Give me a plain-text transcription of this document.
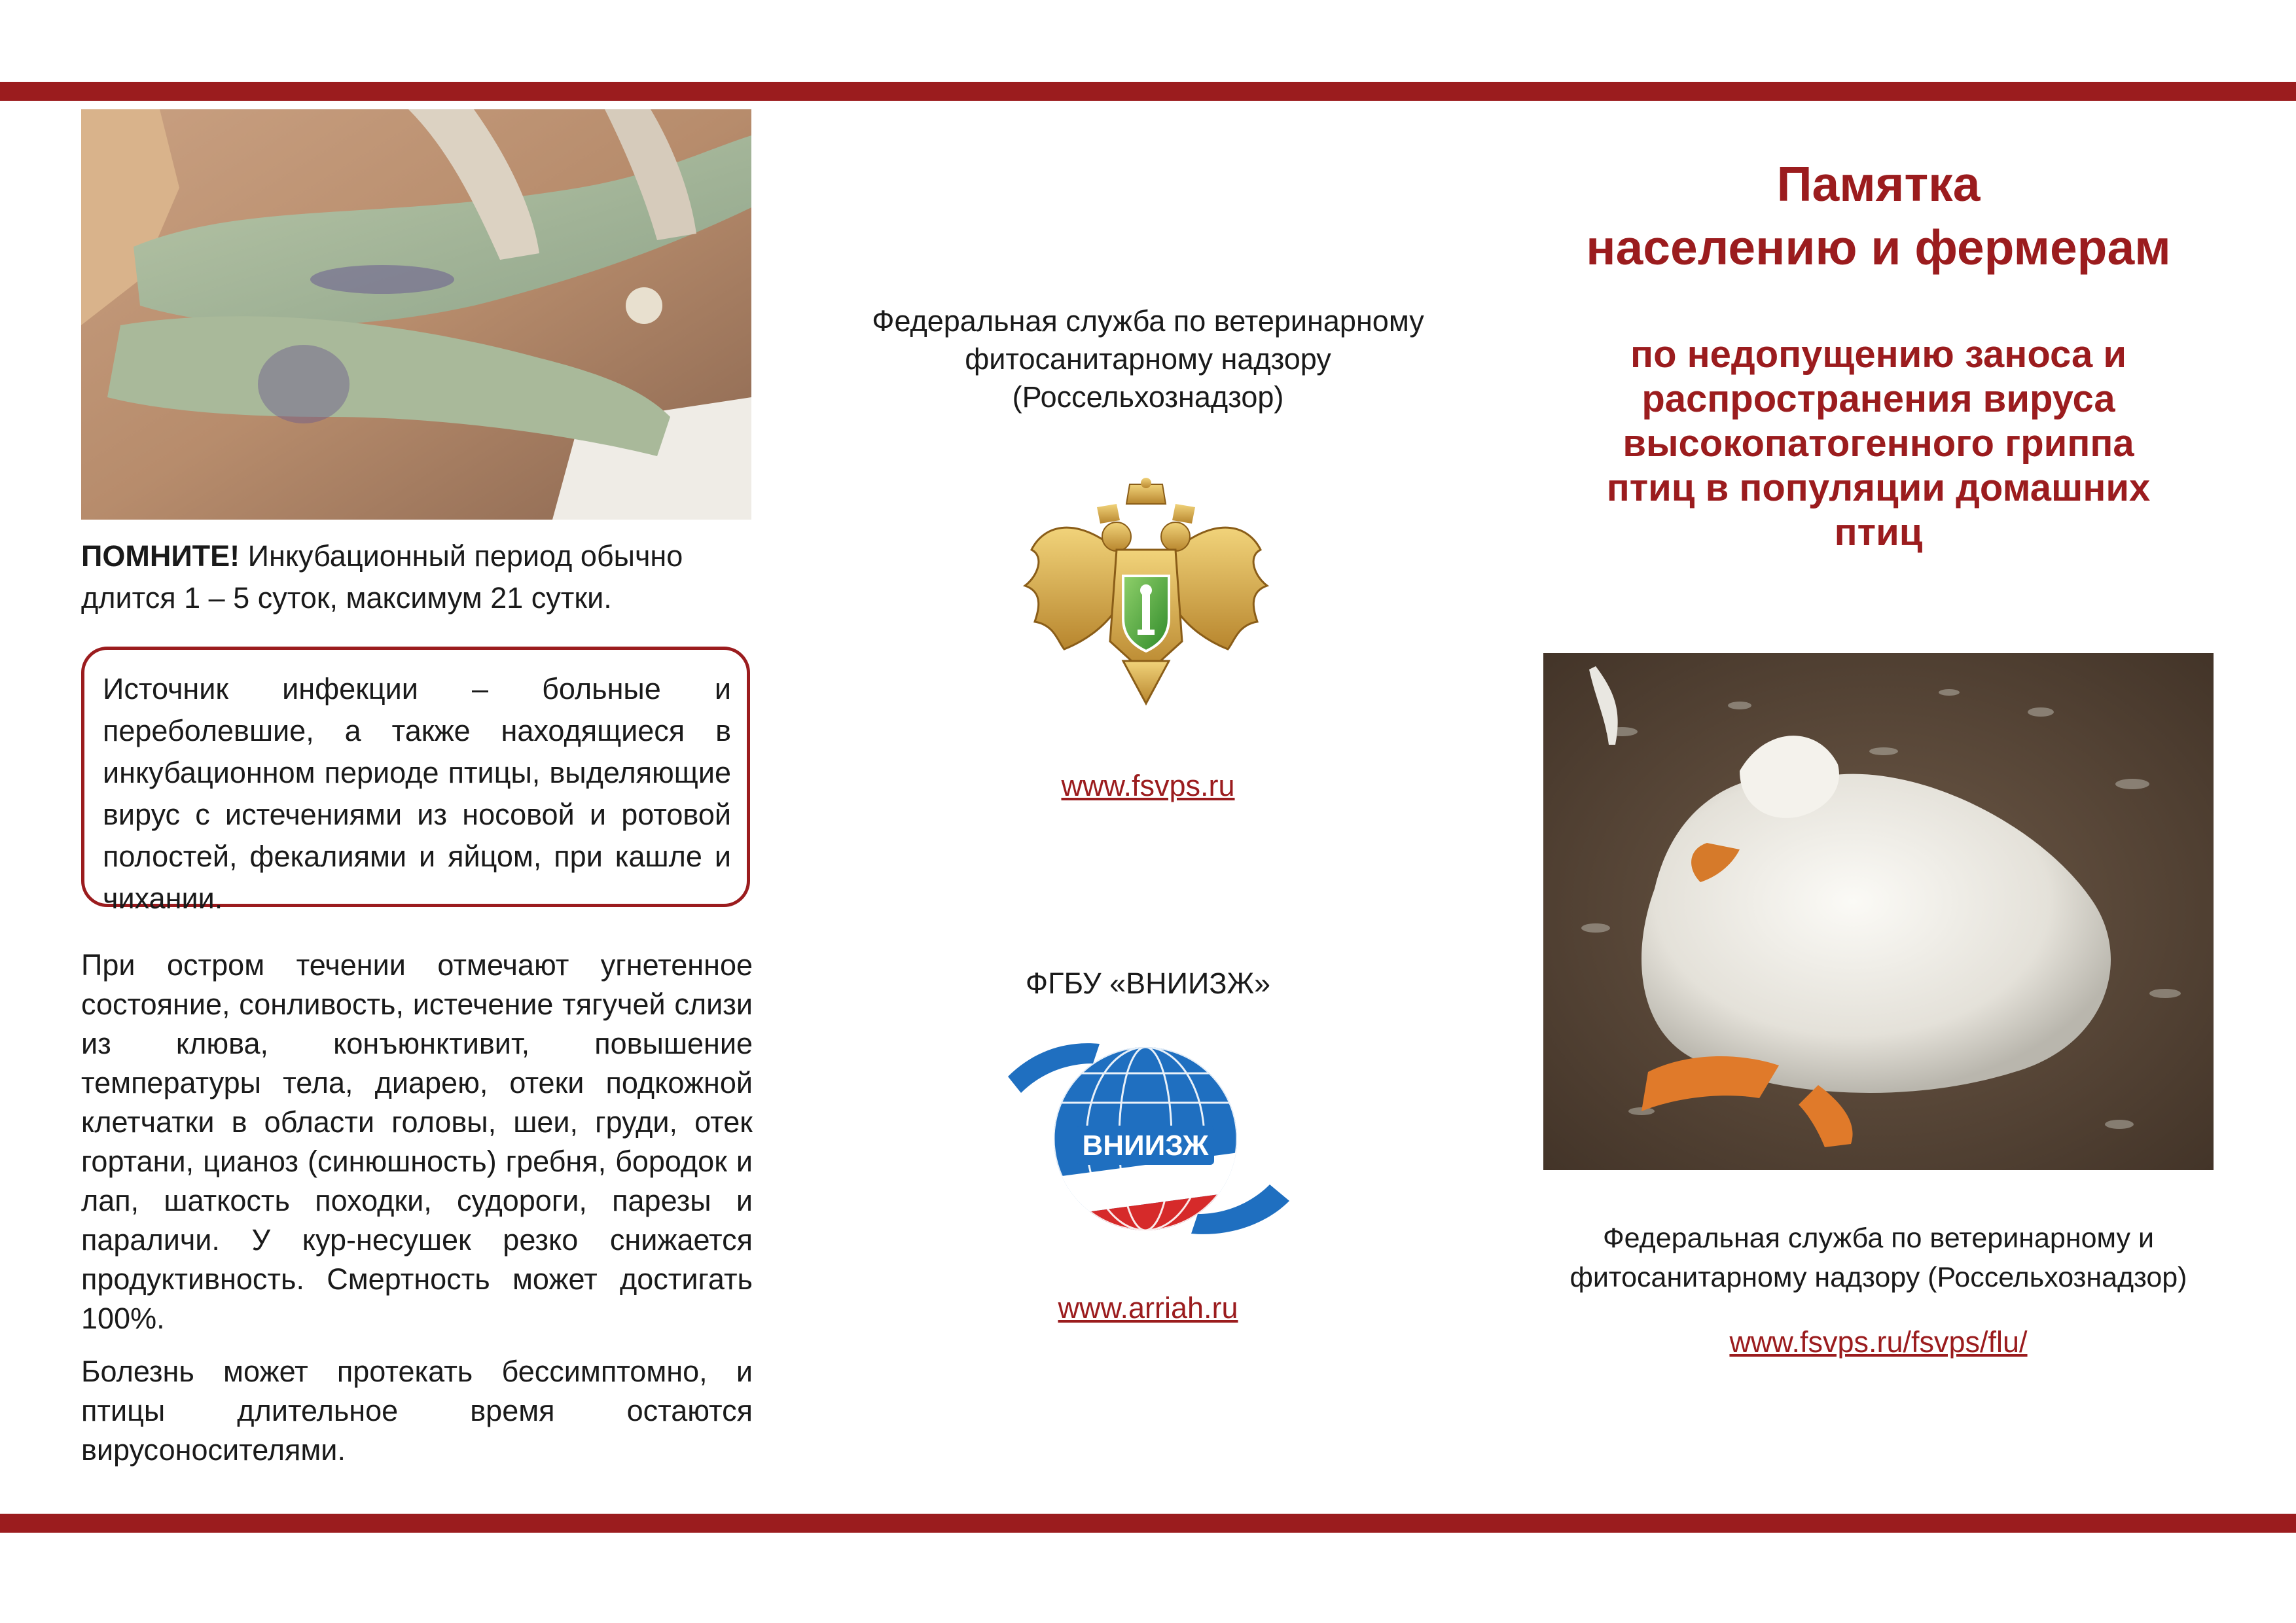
ПОМНИТЕ! Инкубационный период обычно длится 1 – 5 суток, максимум 21 сутки.
Источник инфекции – больные и переболевшие, а также находящиеся в инкубационном периоде птицы, выделяющие вирус с истечениями из носовой и ротовой полостей, фекалиями и яйцом, при кашле и чихании.
При остром течении отмечают угнетенное состояние, сонливость, истечение тягучей слизи из клюва, конъюнктивит, повышение температуры тела, диарею, отеки подкожной клетчатки в области головы, шеи, груди, отек гортани, цианоз (синюшность) гребня, бородок и лап, шаткость походки, судороги, парезы и параличи. У кур-несушек резко снижается продуктивность. Смертность может достигать 100%.
Болезнь может протекать бессимптомно, и птицы длительное время остаются вирусоносителями.
Федеральная служба по ветеринарному
фитосанитарному надзору
(Россельхознадзор)
www.fsvps.ru
ФГБУ «ВНИИЗЖ»
ВНИИЗЖ
www.arriah.ru
Памятка
населению и фермерам
по недопущению заноса и
распространения вируса
высокопатогенного гриппа
птиц в популяции домашних
птиц
Федеральная служба по ветеринарному и
фитосанитарному надзору (Россельхознадзор)
www.fsvps.ru/fsvps/flu/
